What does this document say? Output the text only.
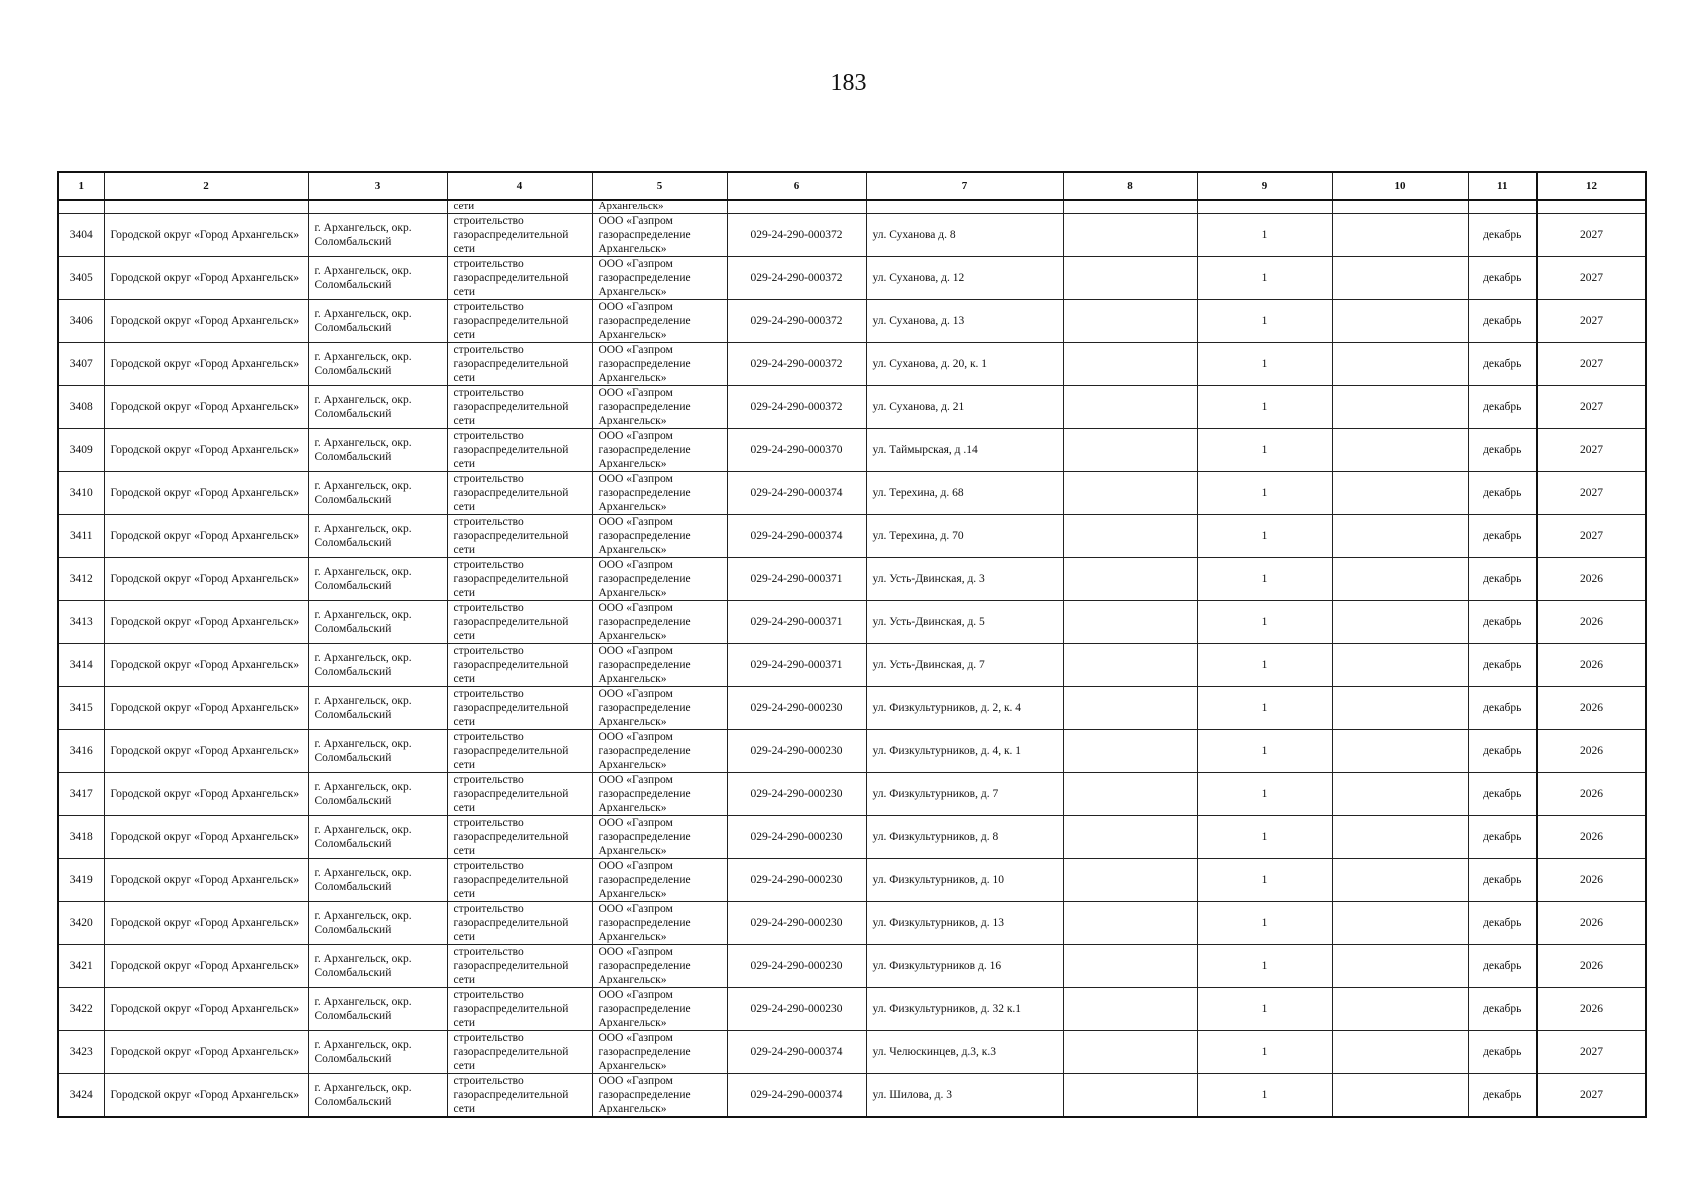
183
1	2	3	4	5	6	7	8	9	10	11	12
			сети	Архангельск»							
3404	Городской округ «Город Архангельск»	г. Архангельск, окр. Соломбальский	строительство газораспределительной сети	ООО «Газпром газораспределение Архангельск»	029-24-290-000372	ул. Суханова д. 8		1		декабрь	2027
3405	Городской округ «Город Архангельск»	г. Архангельск, окр. Соломбальский	строительство газораспределительной сети	ООО «Газпром газораспределение Архангельск»	029-24-290-000372	ул. Суханова, д. 12		1		декабрь	2027
3406	Городской округ «Город Архангельск»	г. Архангельск, окр. Соломбальский	строительство газораспределительной сети	ООО «Газпром газораспределение Архангельск»	029-24-290-000372	ул. Суханова, д. 13		1		декабрь	2027
3407	Городской округ «Город Архангельск»	г. Архангельск, окр. Соломбальский	строительство газораспределительной сети	ООО «Газпром газораспределение Архангельск»	029-24-290-000372	ул. Суханова, д. 20, к. 1		1		декабрь	2027
3408	Городской округ «Город Архангельск»	г. Архангельск, окр. Соломбальский	строительство газораспределительной сети	ООО «Газпром газораспределение Архангельск»	029-24-290-000372	ул. Суханова, д. 21		1		декабрь	2027
3409	Городской округ «Город Архангельск»	г. Архангельск, окр. Соломбальский	строительство газораспределительной сети	ООО «Газпром газораспределение Архангельск»	029-24-290-000370	ул. Таймырская, д .14		1		декабрь	2027
3410	Городской округ «Город Архангельск»	г. Архангельск, окр. Соломбальский	строительство газораспределительной сети	ООО «Газпром газораспределение Архангельск»	029-24-290-000374	ул. Терехина, д. 68		1		декабрь	2027
3411	Городской округ «Город Архангельск»	г. Архангельск, окр. Соломбальский	строительство газораспределительной сети	ООО «Газпром газораспределение Архангельск»	029-24-290-000374	ул. Терехина, д. 70		1		декабрь	2027
3412	Городской округ «Город Архангельск»	г. Архангельск, окр. Соломбальский	строительство газораспределительной сети	ООО «Газпром газораспределение Архангельск»	029-24-290-000371	ул. Усть-Двинская, д. 3		1		декабрь	2026
3413	Городской округ «Город Архангельск»	г. Архангельск, окр. Соломбальский	строительство газораспределительной сети	ООО «Газпром газораспределение Архангельск»	029-24-290-000371	ул. Усть-Двинская, д. 5		1		декабрь	2026
3414	Городской округ «Город Архангельск»	г. Архангельск, окр. Соломбальский	строительство газораспределительной сети	ООО «Газпром газораспределение Архангельск»	029-24-290-000371	ул. Усть-Двинская, д. 7		1		декабрь	2026
3415	Городской округ «Город Архангельск»	г. Архангельск, окр. Соломбальский	строительство газораспределительной сети	ООО «Газпром газораспределение Архангельск»	029-24-290-000230	ул. Физкультурников, д. 2, к. 4		1		декабрь	2026
3416	Городской округ «Город Архангельск»	г. Архангельск, окр. Соломбальский	строительство газораспределительной сети	ООО «Газпром газораспределение Архангельск»	029-24-290-000230	ул. Физкультурников, д. 4, к. 1		1		декабрь	2026
3417	Городской округ «Город Архангельск»	г. Архангельск, окр. Соломбальский	строительство газораспределительной сети	ООО «Газпром газораспределение Архангельск»	029-24-290-000230	ул. Физкультурников, д. 7		1		декабрь	2026
3418	Городской округ «Город Архангельск»	г. Архангельск, окр. Соломбальский	строительство газораспределительной сети	ООО «Газпром газораспределение Архангельск»	029-24-290-000230	ул. Физкультурников, д. 8		1		декабрь	2026
3419	Городской округ «Город Архангельск»	г. Архангельск, окр. Соломбальский	строительство газораспределительной сети	ООО «Газпром газораспределение Архангельск»	029-24-290-000230	ул. Физкультурников, д. 10		1		декабрь	2026
3420	Городской округ «Город Архангельск»	г. Архангельск, окр. Соломбальский	строительство газораспределительной сети	ООО «Газпром газораспределение Архангельск»	029-24-290-000230	ул. Физкультурников, д. 13		1		декабрь	2026
3421	Городской округ «Город Архангельск»	г. Архангельск, окр. Соломбальский	строительство газораспределительной сети	ООО «Газпром газораспределение Архангельск»	029-24-290-000230	ул. Физкультурников д. 16		1		декабрь	2026
3422	Городской округ «Город Архангельск»	г. Архангельск, окр. Соломбальский	строительство газораспределительной сети	ООО «Газпром газораспределение Архангельск»	029-24-290-000230	ул. Физкультурников, д. 32 к.1		1		декабрь	2026
3423	Городской округ «Город Архангельск»	г. Архангельск, окр. Соломбальский	строительство газораспределительной сети	ООО «Газпром газораспределение Архангельск»	029-24-290-000374	ул. Челюскинцев, д.3, к.3		1		декабрь	2027
3424	Городской округ «Город Архангельск»	г. Архангельск, окр. Соломбальский	строительство газораспределительной сети	ООО «Газпром газораспределение Архангельск»	029-24-290-000374	ул. Шилова, д. 3		1		декабрь	2027
